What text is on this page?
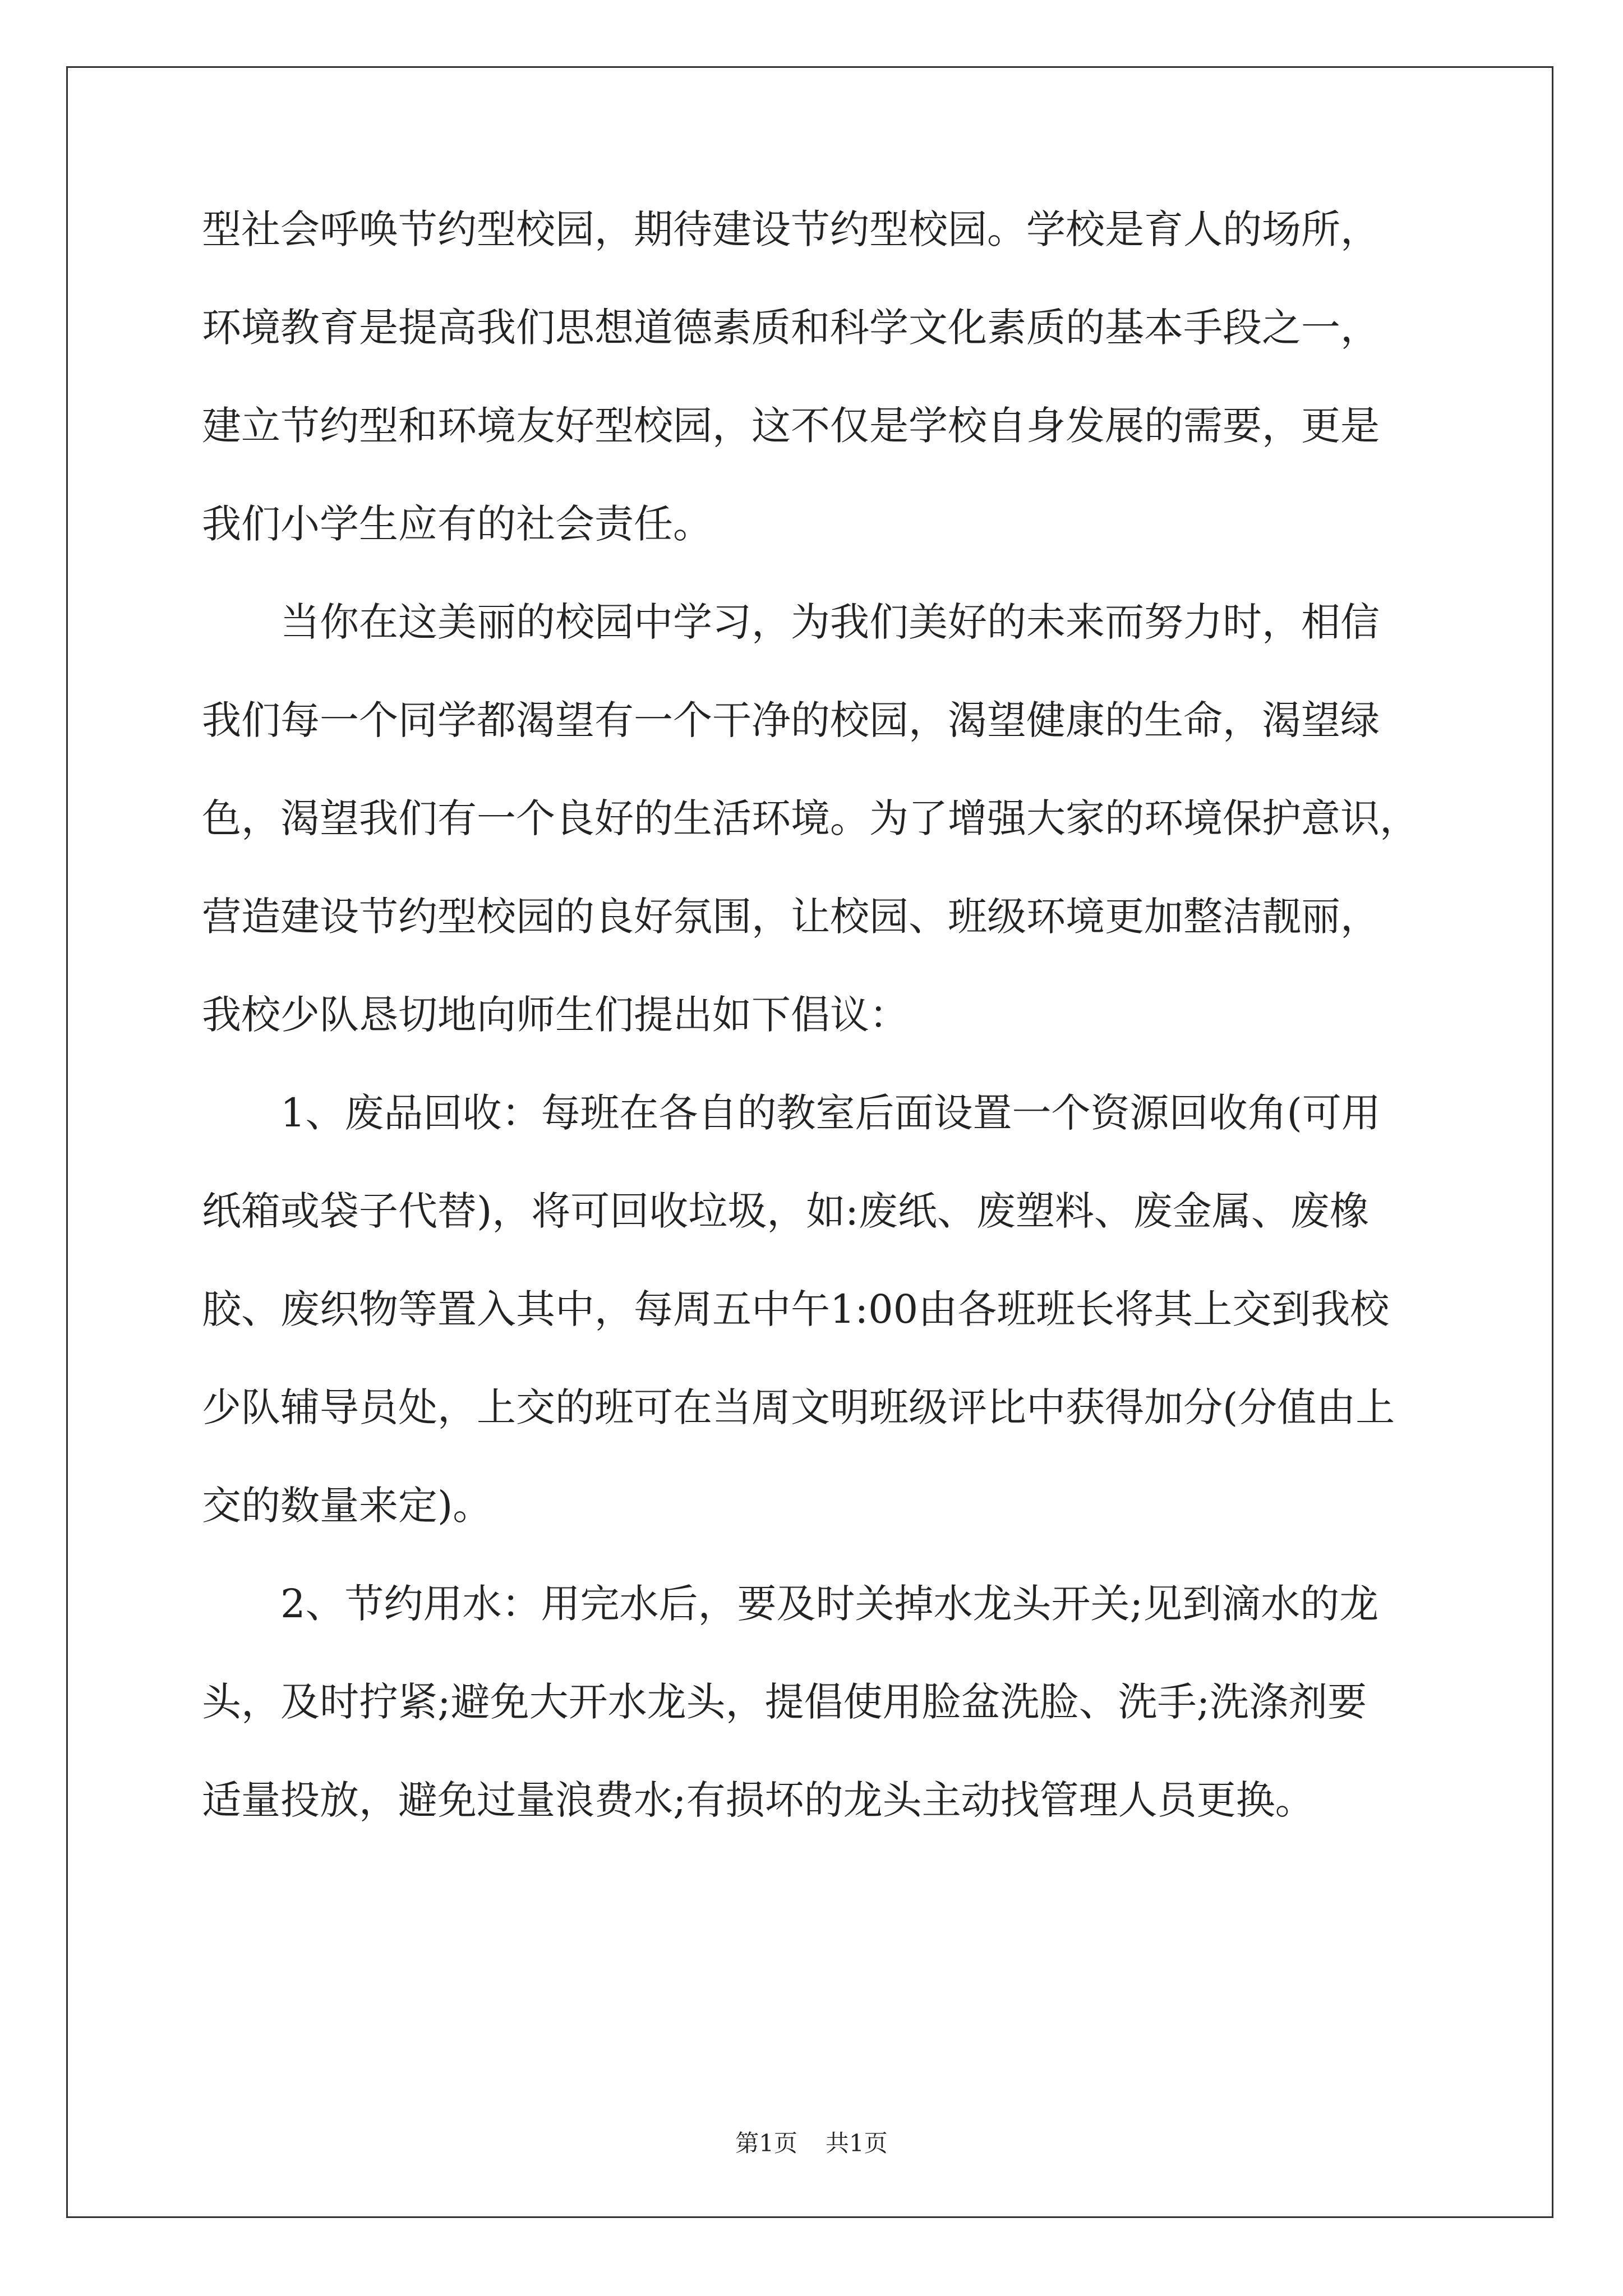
型社会呼唤节约型校园，期待建设节约型校园。学校是育人的场所，
环境教育是提高我们思想道德素质和科学文化素质的基本手段之一，
建立节约型和环境友好型校园，这不仅是学校自身发展的需要，更是
我们小学生应有的社会责任。
当你在这美丽的校园中学习，为我们美好的未来而努力时，相信
我们每一个同学都渴望有一个干净的校园，渴望健康的生命，渴望绿
色，渴望我们有一个良好的生活环境。为了增强大家的环境保护意识，
营造建设节约型校园的良好氛围，让校园、班级环境更加整洁靓丽，
我校少队恳切地向师生们提出如下倡议：
1、废品回收：每班在各自的教室后面设置一个资源回收角(可用
纸箱或袋子代替)，将可回收垃圾，如:废纸、废塑料、废金属、废橡
胶、废织物等置入其中，每周五中午1:00由各班班长将其上交到我校
少队辅导员处，上交的班可在当周文明班级评比中获得加分(分值由上
交的数量来定)。
2、节约用水：用完水后，要及时关掉水龙头开关;见到滴水的龙
头，及时拧紧;避免大开水龙头，提倡使用脸盆洗脸、洗手;洗涤剂要
适量投放，避免过量浪费水;有损坏的龙头主动找管理人员更换。
第1页 共1页
